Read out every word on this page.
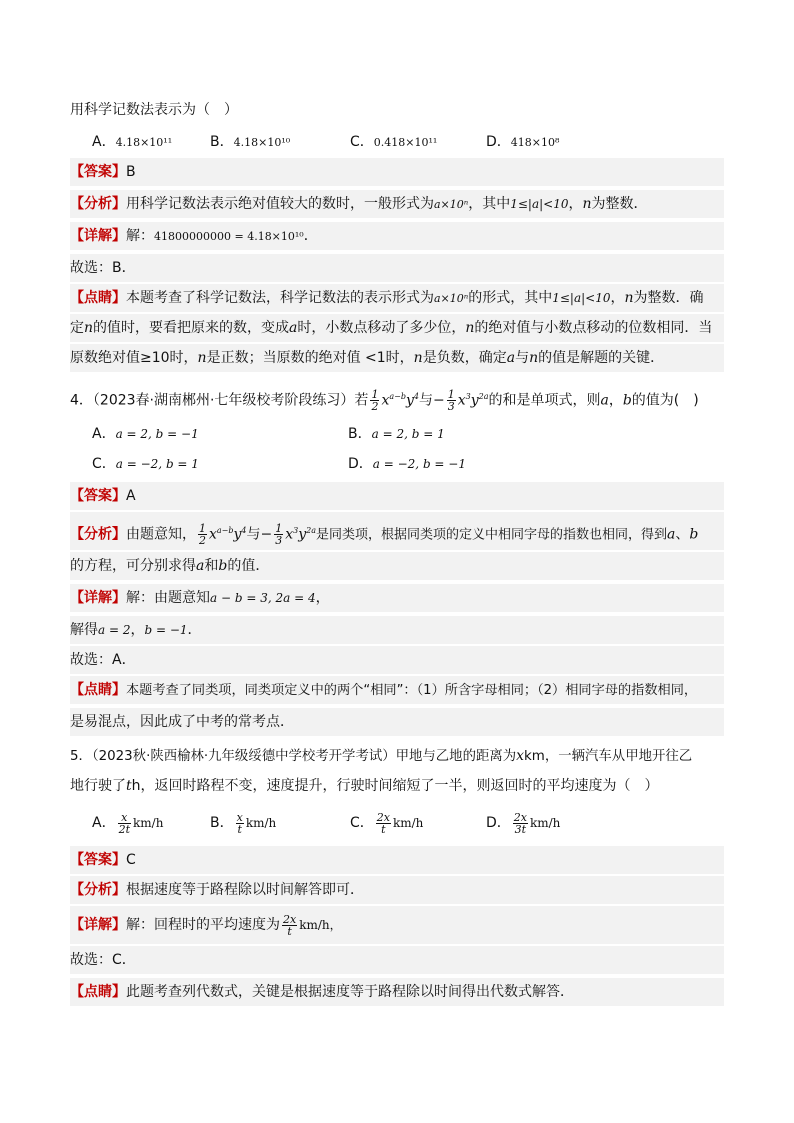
用科学记数法表示为（　）
A．4.18×10¹¹	B．4.18×10¹⁰	C．0.418×10¹¹	D．418×10⁸
【答案】B
【分析】用科学记数法表示绝对值较大的数时，一般形式为a×10ⁿ，其中1≤|a|<10，n为整数．
【详解】解：41800000000 = 4.18×10¹⁰．
故选：B．
【点睛】本题考查了科学记数法，科学记数法的表示形式为a×10ⁿ的形式，其中1≤|a|<10，n为整数．确
定n的值时，要看把原来的数，变成a时，小数点移动了多少位，n的绝对值与小数点移动的位数相同．当
原数绝对值≥10时，n是正数；当原数的绝对值 <1时，n是负数，确定a与n的值是解题的关键．
4．（2023春·湖南郴州·七年级校考阶段练习）若 $\frac{1}{2} x^{a-b}y^4$与− $\frac{1}{3} x^3y^{2a}$的和是单项式，则a，b的值为(　)
A．a = 2, b = −1	B．a = 2, b = 1
C．a = −2, b = 1	D．a = −2, b = −1
【答案】A
【分析】由题意知， $\frac{1}{2} x^{a-b}y^4$与− $\frac{1}{3} x^3y^{2a}$是同类项，根据同类项的定义中相同字母的指数也相同，得到a、b
的方程，可分别求得a和b的值．
【详解】解：由题意知a − b = 3, 2a = 4，
解得a = 2，b = −1．
故选：A．
【点睛】本题考查了同类项，同类项定义中的两个“相同”：（1）所含字母相同；（2）相同字母的指数相同，
是易混点，因此成了中考的常考点．
5．（2023秋·陕西榆林·九年级绥德中学校考开学考试）甲地与乙地的距离为xkm，一辆汽车从甲地开往乙
地行驶了th，返回时路程不变，速度提升，行驶时间缩短了一半，则返回时的平均速度为（　）
A． $\frac{x}{2t} km/h$	B． $\frac{x}{t} km/h$	C． $\frac{2x}{t} km/h$	D． $\frac{2x}{3t} km/h$
【答案】C
【分析】根据速度等于路程除以时间解答即可．
【详解】解：回程时的平均速度为 $\frac{2x}{t} km/h$，
故选：C．
【点睛】此题考查列代数式，关键是根据速度等于路程除以时间得出代数式解答．
